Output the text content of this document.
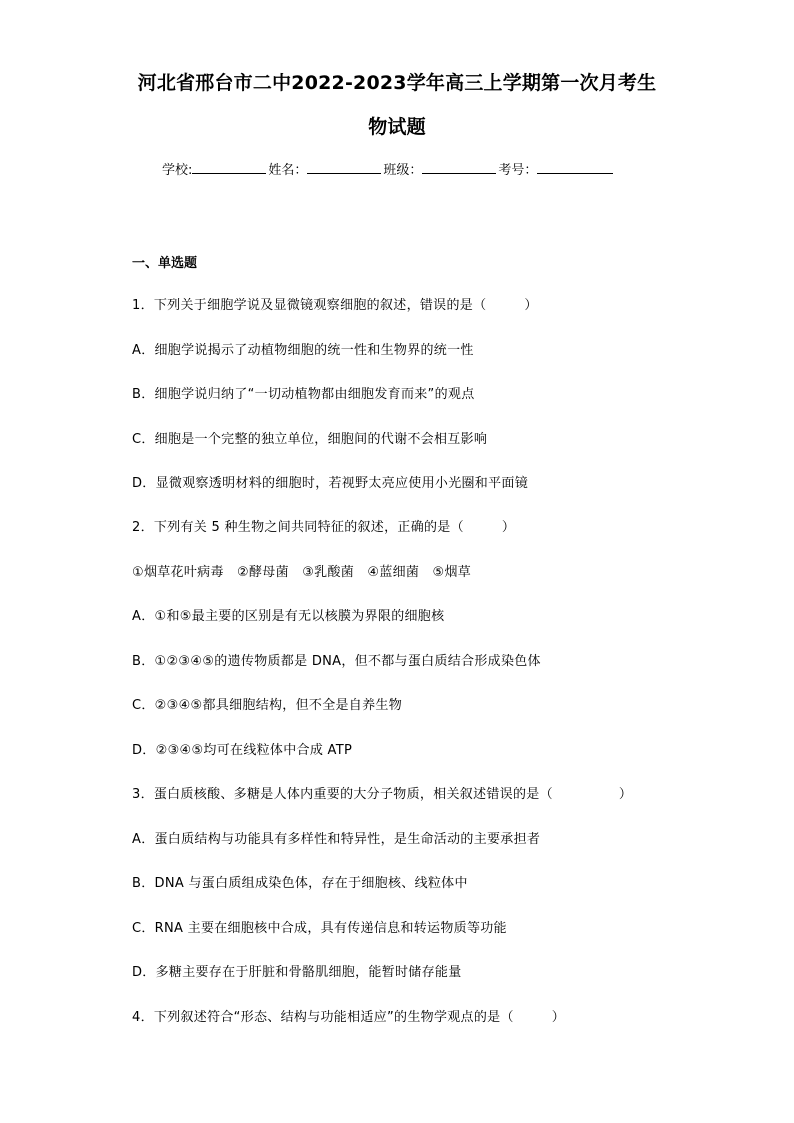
河北省邢台市二中2022-2023学年高三上学期第一次月考生
物试题
学校:	姓名：	班级：	考号：
一、单选题
1．下列关于细胞学说及显微镜观察细胞的叙述，错误的是（	）
A．细胞学说揭示了动植物细胞的统一性和生物界的统一性
B．细胞学说归纳了“一切动植物都由细胞发育而来”的观点
C．细胞是一个完整的独立单位，细胞间的代谢不会相互影响
D．显微观察透明材料的细胞时，若视野太亮应使用小光圈和平面镜
2．下列有关 5 种生物之间共同特征的叙述，正确的是（	）
①烟草花叶病毒　②酵母菌　③乳酸菌　④蓝细菌　⑤烟草
A．①和⑤最主要的区别是有无以核膜为界限的细胞核
B．①②③④⑤的遗传物质都是 DNA，但不都与蛋白质结合形成染色体
C．②③④⑤都具细胞结构，但不全是自养生物
D．②③④⑤均可在线粒体中合成 ATP
3．蛋白质核酸、多糖是人体内重要的大分子物质，相关叙述错误的是（	）
A．蛋白质结构与功能具有多样性和特异性，是生命活动的主要承担者
B．DNA 与蛋白质组成染色体，存在于细胞核、线粒体中
C．RNA 主要在细胞核中合成，具有传递信息和转运物质等功能
D．多糖主要存在于肝脏和骨骼肌细胞，能暂时储存能量
4．下列叙述符合“形态、结构与功能相适应”的生物学观点的是（	）
